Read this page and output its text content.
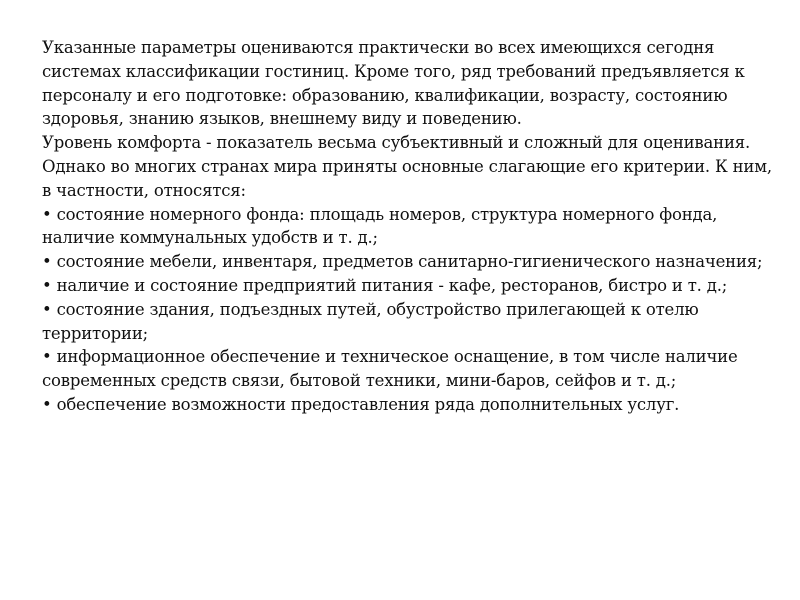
Указанные параметры оцениваются практически во всех имеющихся сегодня системах классификации гостиниц. Кроме того, ряд требований предъявляется к персоналу и его подготовке: образованию, квалификации, возрасту, состоянию здоровья, знанию языков, внешнему виду и поведению.

Уровень комфорта - показатель весьма субъективный и сложный для оценивания. Однако во многих странах мира приняты основные слагающие его критерии. К ним, в частности, относятся:

• состояние номерного фонда: площадь номеров, структура номерного фонда, наличие коммунальных удобств и т. д.;

• состояние мебели, инвентаря, предметов санитарно-гигиенического назначения;

• наличие и состояние предприятий питания - кафе, ресторанов, бистро и т. д.;

• состояние здания, подъездных путей, обустройство прилегающей к отелю территории;

• информационное обеспечение и техническое оснащение, в том числе наличие современных средств связи, бытовой техники, мини-баров, сейфов и т. д.;

• обеспечение возможности предоставления ряда дополнительных услуг.
